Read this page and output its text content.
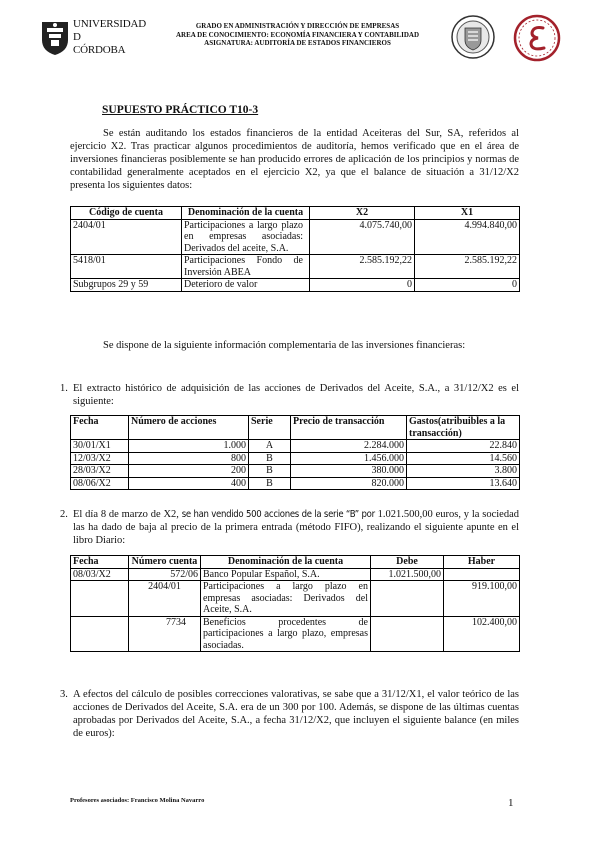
UNIVERSIDAD
D
CÓRDOBA
GRADO EN ADMINISTRACIÓN Y DIRECCIÓN DE EMPRESAS
AREA DE CONOCIMIENTO: ECONOMÍA FINANCIERA Y CONTABILIDAD
ASIGNATURA: AUDITORÍA DE ESTADOS FINANCIEROS
SUPUESTO PRÁCTICO T10-3
Se están auditando los estados financieros de la entidad Aceiteras del Sur, SA, referidos al ejercicio X2. Tras practicar algunos procedimientos de auditoría, hemos verificado que en el área de inversiones financieras posiblemente se han producido errores de aplicación de los principios y normas de contabilidad generalmente aceptados en el ejercicio X2, ya que el balance de situación a 31/12/X2 presenta los siguientes datos:
Código de cuenta	Denominación de la cuenta	X2	X1
2404/01	Participaciones a largo plazo en empresas asociadas: Derivados del aceite, S.A.	4.075.740,00	4.994.840,00
5418/01	Participaciones Fondo de Inversión ABEA	2.585.192,22	2.585.192,22
Subgrupos 29 y 59	Deterioro de valor	0	0
Se dispone de la siguiente información complementaria de las inversiones financieras:
1. El extracto histórico de adquisición de las acciones de Derivados del Aceite, S.A., a 31/12/X2 es el siguiente:
Fecha	Número de acciones	Serie	Precio de transacción	Gastos(atribuibles a la transacción)
30/01/X1	1.000	A	2.284.000	22.840
12/03/X2	800	B	1.456.000	14.560
28/03/X2	200	B	380.000	3.800
08/06/X2	400	B	820.000	13.640
2. El día 8 de marzo de X2, se han vendido 500 acciones de la serie “B” por 1.021.500,00 euros, y la sociedad las ha dado de baja al precio de la primera entrada (método FIFO), realizando el siguiente apunte en el libro Diario:
Fecha	Número cuenta	Denominación de la cuenta	Debe	Haber
08/03/X2	572/06	Banco Popular Español, S.A.	1.021.500,00	
	2404/01	Participaciones a largo plazo en empresas asociadas: Derivados del Aceite, S.A.		919.100,00
	7734	Beneficios procedentes de participaciones a largo plazo, empresas asociadas.		102.400,00
3. A efectos del cálculo de posibles correcciones valorativas, se sabe que a 31/12/X1, el valor teórico de las acciones de Derivados del Aceite, S.A. era de un 300 por 100. Además, se dispone de las últimas cuentas aprobadas por Derivados del Aceite, S.A., a fecha 31/12/X2, que incluyen el siguiente balance (en miles de euros):
Profesores asociados: Francisco Molina Navarro	1
